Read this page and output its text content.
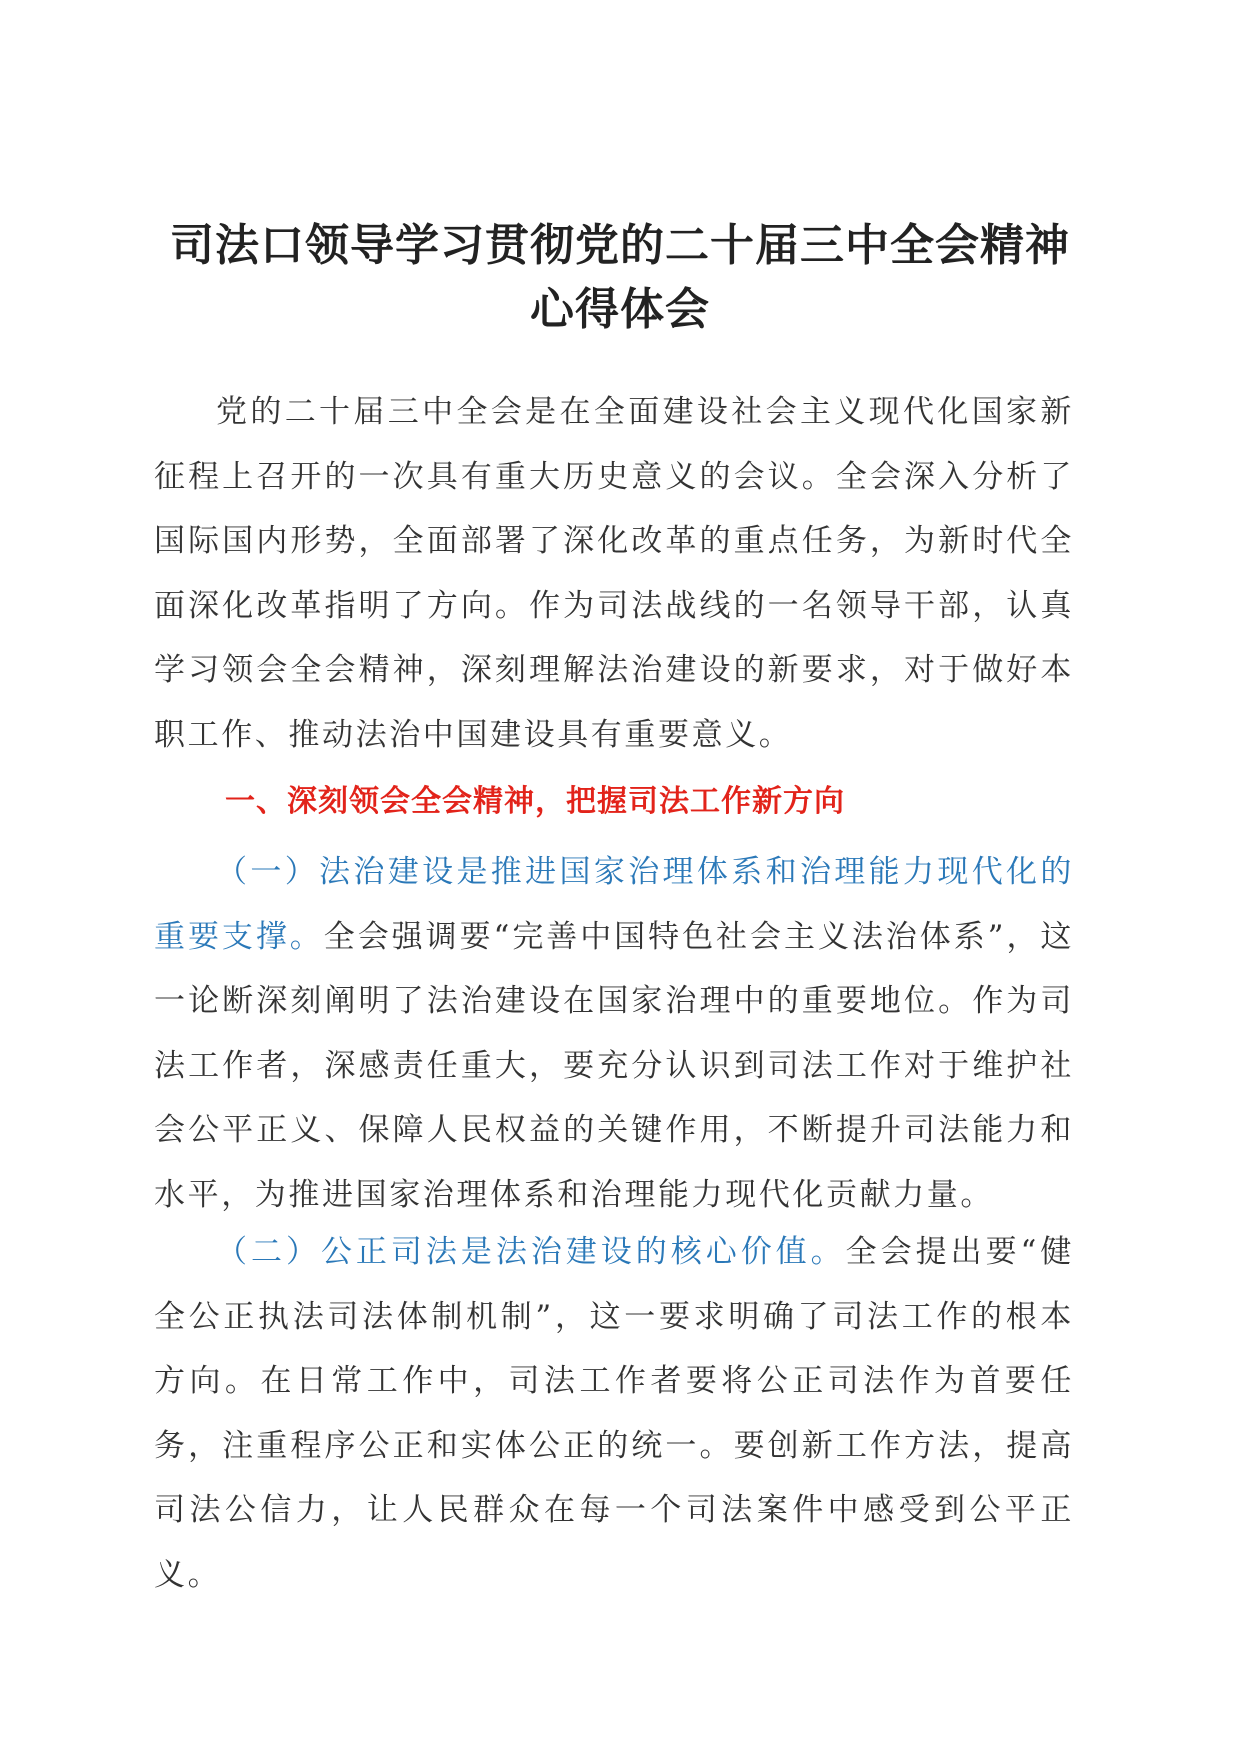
司法口领导学习贯彻党的二十届三中全会精神
心得体会

党的二十届三中全会是在全面建设社会主义现代化国家新征程上召开的一次具有重大历史意义的会议。全会深入分析了国际国内形势，全面部署了深化改革的重点任务，为新时代全面深化改革指明了方向。作为司法战线的一名领导干部，认真学习领会全会精神，深刻理解法治建设的新要求，对于做好本职工作、推动法治中国建设具有重要意义。

一、深刻领会全会精神，把握司法工作新方向

（一）法治建设是推进国家治理体系和治理能力现代化的重要支撑。全会强调要“完善中国特色社会主义法治体系”，这一论断深刻阐明了法治建设在国家治理中的重要地位。作为司法工作者，深感责任重大，要充分认识到司法工作对于维护社会公平正义、保障人民权益的关键作用，不断提升司法能力和水平，为推进国家治理体系和治理能力现代化贡献力量。

（二）公正司法是法治建设的核心价值。全会提出要“健全公正执法司法体制机制”，这一要求明确了司法工作的根本方向。在日常工作中，司法工作者要将公正司法作为首要任务，注重程序公正和实体公正的统一。要创新工作方法，提高司法公信力，让人民群众在每一个司法案件中感受到公平正义。
